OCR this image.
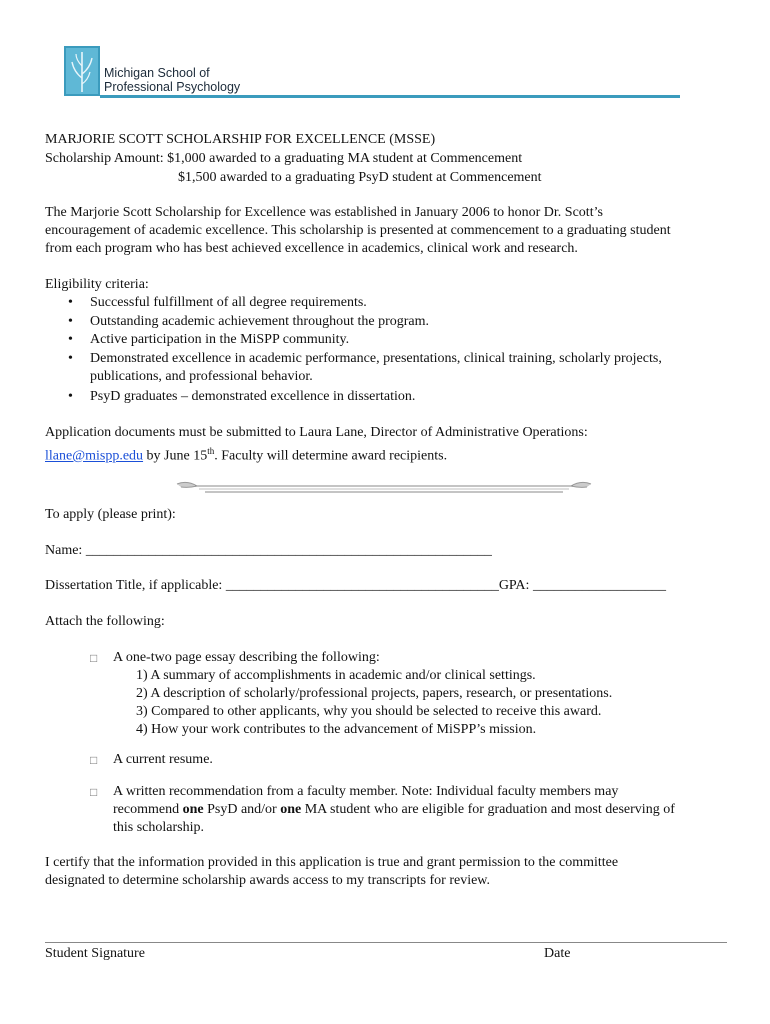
Michigan School of
Professional Psychology
MARJORIE SCOTT SCHOLARSHIP FOR EXCELLENCE (MSSE)
Scholarship Amount: $1,000 awarded to a graduating MA student at Commencement
$1,500 awarded to a graduating PsyD student at Commencement
The Marjorie Scott Scholarship for Excellence was established in January 2006 to honor Dr. Scott’s
encouragement of academic excellence. This scholarship is presented at commencement to a graduating student
from each program who has best achieved excellence in academics, clinical work and research.
Eligibility criteria:
• Successful fulfillment of all degree requirements.
• Outstanding academic achievement throughout the program.
• Active participation in the MiSPP community.
• Demonstrated excellence in academic performance, presentations, clinical training, scholarly projects,
publications, and professional behavior.
• PsyD graduates – demonstrated excellence in dissertation.
Application documents must be submitted to Laura Lane, Director of Administrative Operations:
llane@mispp.edu by June 15th. Faculty will determine award recipients.
To apply (please print):
Name: __________________________________________________________
Dissertation Title, if applicable: _______________________________________GPA: ___________________
Attach the following:
□ A one-two page essay describing the following:
1) A summary of accomplishments in academic and/or clinical settings.
2) A description of scholarly/professional projects, papers, research, or presentations.
3) Compared to other applicants, why you should be selected to receive this award.
4) How your work contributes to the advancement of MiSPP’s mission.
□ A current resume.
□ A written recommendation from a faculty member. Note: Individual faculty members may
recommend one PsyD and/or one MA student who are eligible for graduation and most deserving of
this scholarship.
I certify that the information provided in this application is true and grant permission to the committee
designated to determine scholarship awards access to my transcripts for review.
Student Signature	Date
